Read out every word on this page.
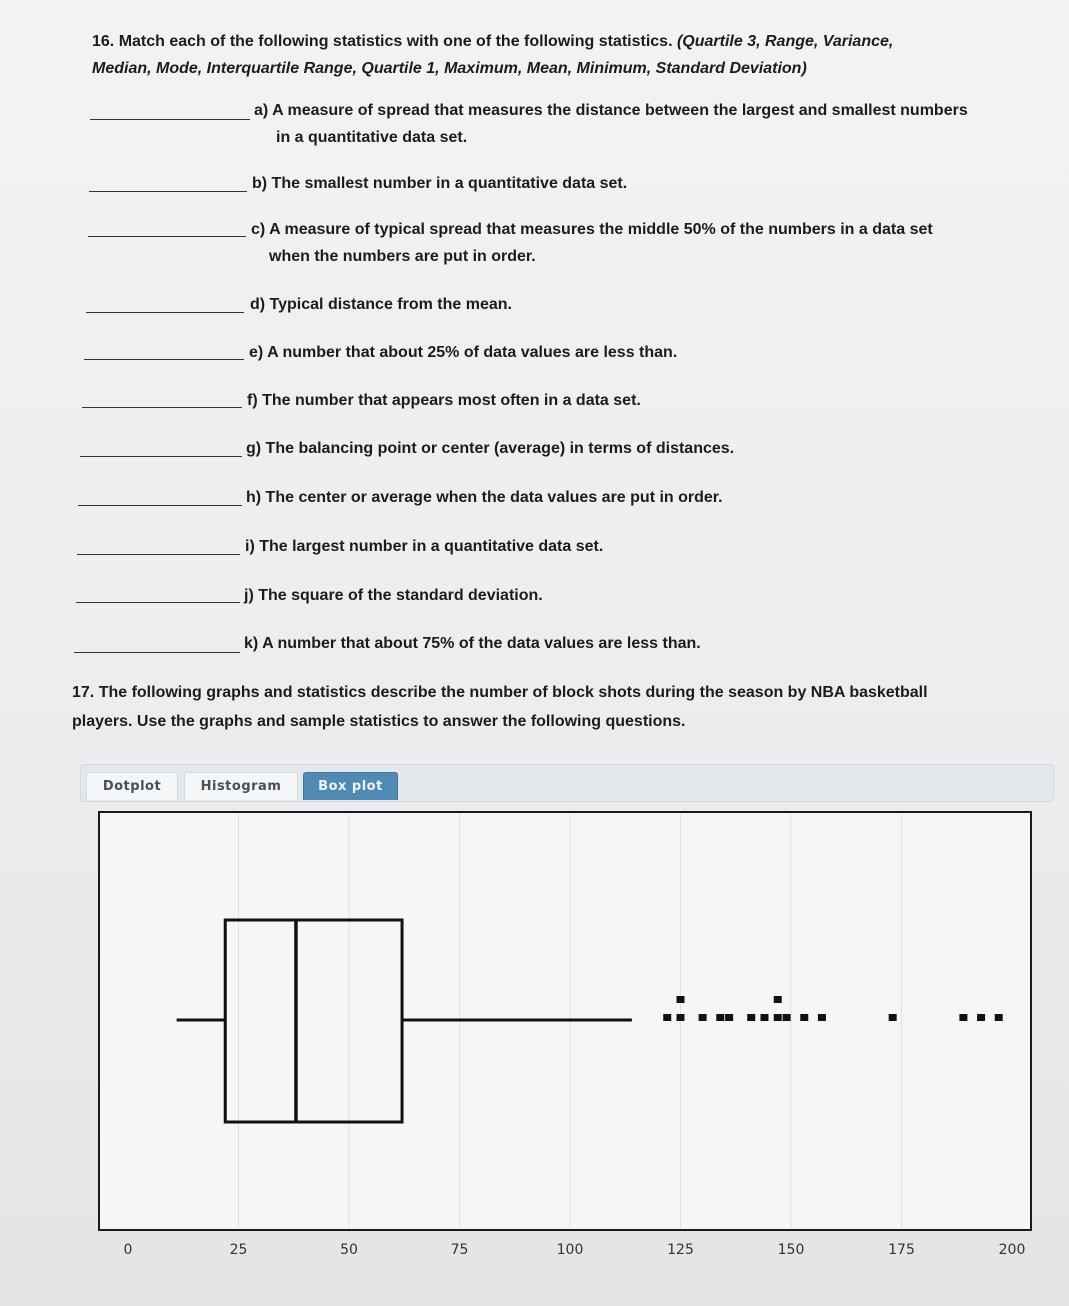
16. Match each of the following statistics with one of the following statistics. (Quartile 3, Range, Variance,
Median, Mode, Interquartile Range, Quartile 1, Maximum, Mean, Minimum, Standard Deviation)
a) A measure of spread that measures the distance between the largest and smallest numbers
in a quantitative data set.
b) The smallest number in a quantitative data set.
c) A measure of typical spread that measures the middle 50% of the numbers in a data set
when the numbers are put in order.
d) Typical distance from the mean.
e) A number that about 25% of data values are less than.
f) The number that appears most often in a data set.
g) The balancing point or center (average) in terms of distances.
h) The center or average when the data values are put in order.
i) The largest number in a quantitative data set.
j) The square of the standard deviation.
k) A number that about 75% of the data values are less than.
17. The following graphs and statistics describe the number of block shots during the season by NBA basketball
players. Use the graphs and sample statistics to answer the following questions.
Dotplot	Histogram	Box plot
0	25	50	75	100	125	150	175	200
